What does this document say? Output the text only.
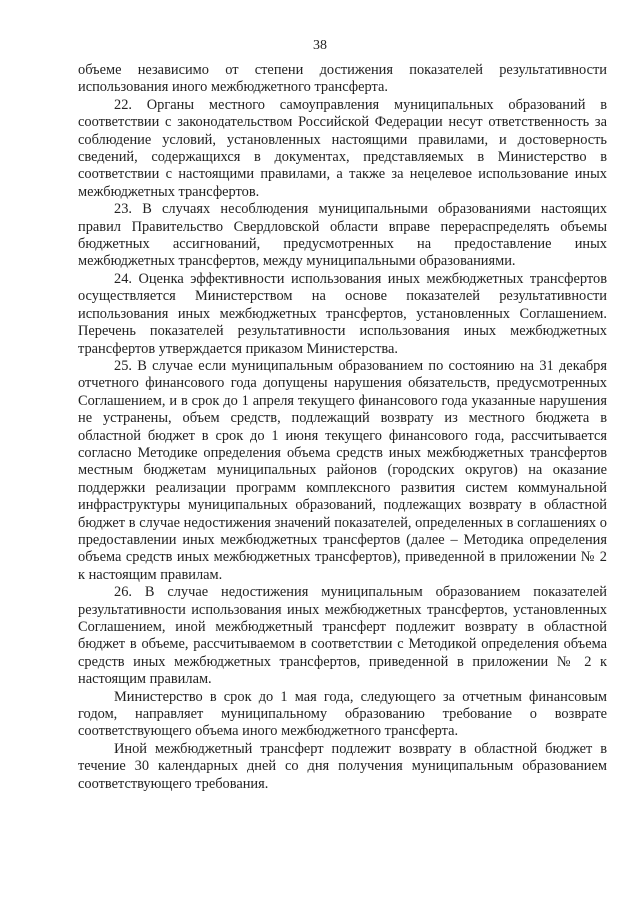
38

объеме независимо от степени достижения показателей результативности использования иного межбюджетного трансферта.

22. Органы местного самоуправления муниципальных образований в соответствии с законодательством Российской Федерации несут ответственность за соблюдение условий, установленных настоящими правилами, и достоверность сведений, содержащихся в документах, представляемых в Министерство в соответствии с настоящими правилами, а также за нецелевое использование иных межбюджетных трансфертов.

23. В случаях несоблюдения муниципальными образованиями настоящих правил Правительство Свердловской области вправе перераспределять объемы бюджетных ассигнований, предусмотренных на предоставление иных межбюджетных трансфертов, между муниципальными образованиями.

24. Оценка эффективности использования иных межбюджетных трансфертов осуществляется Министерством на основе показателей результативности использования иных межбюджетных трансфертов, установленных Соглашением. Перечень показателей результативности использования иных межбюджетных трансфертов утверждается приказом Министерства.

25. В случае если муниципальным образованием по состоянию на 31 декабря отчетного финансового года допущены нарушения обязательств, предусмотренных Соглашением, и в срок до 1 апреля текущего финансового года указанные нарушения не устранены, объем средств, подлежащий возврату из местного бюджета в областной бюджет в срок до 1 июня текущего финансового года, рассчитывается согласно Методике определения объема средств иных межбюджетных трансфертов местным бюджетам муниципальных районов (городских округов) на оказание поддержки реализации программ комплексного развития систем коммунальной инфраструктуры муниципальных образований, подлежащих возврату в областной бюджет в случае недостижения значений показателей, определенных в соглашениях о предоставлении иных межбюджетных трансфертов (далее – Методика определения объема средств иных межбюджетных трансфертов), приведенной в приложении № 2 к настоящим правилам.

26. В случае недостижения муниципальным образованием показателей результативности использования иных межбюджетных трансфертов, установленных Соглашением, иной межбюджетный трансферт подлежит возврату в областной бюджет в объеме, рассчитываемом в соответствии с Методикой определения объема средств иных межбюджетных трансфертов, приведенной в приложении № 2 к настоящим правилам.

Министерство в срок до 1 мая года, следующего за отчетным финансовым годом, направляет муниципальному образованию требование о возврате соответствующего объема иного межбюджетного трансферта.

Иной межбюджетный трансферт подлежит возврату в областной бюджет в течение 30 календарных дней со дня получения муниципальным образованием соответствующего требования.
